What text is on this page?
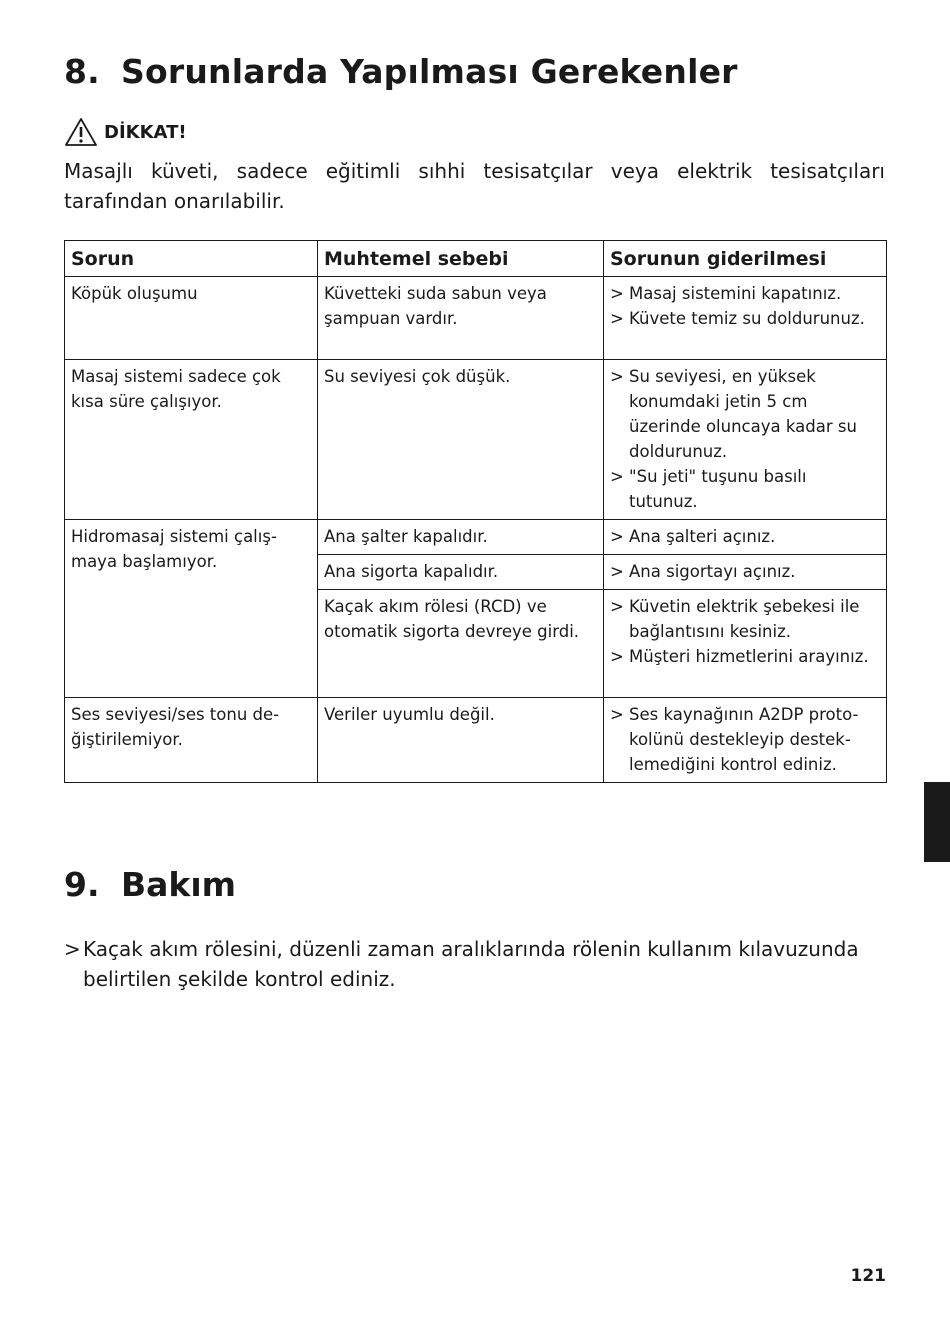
8. Sorunlarda Yapılması Gerekenler
DİKKAT!

Masajlı küveti, sadece eğitimli sıhhi tesisatçılar veya elektrik tesisatçıları tarafından onarılabilir.

Sorun	Muhtemel sebebi	Sorunun giderilmesi
Köpük oluşumu	Küvetteki suda sabun veya şampuan vardır.	> Masaj sistemini kapatınız.
> Küvete temiz su doldurunuz.

Masaj sistemi sadece çok kısa süre çalışıyor.	Su seviyesi çok düşük.	> Su seviyesi, en yüksek konumdaki jetin 5 cm üzerinde oluncaya kadar su doldurunuz.
> "Su jeti" tuşunu basılı tutunuz.

Hidromasaj sistemi çalış-maya başlamıyor.	Ana şalter kapalıdır.	> Ana şalteri açınız.

	Ana sigorta kapalıdır.	> Ana sigortayı açınız.

	Kaçak akım rölesi (RCD) ve otomatik sigorta devreye girdi.	> Küvetin elektrik şebekesi ile bağlantısını kesiniz.
> Müşteri hizmetlerini arayınız.

Ses seviyesi/ses tonu de-ğiştirilemiyor.	Veriler uyumlu değil.	> Ses kaynağının A2DP proto-kolünü destekleyip destek-lemediğini kontrol ediniz.
9. Bakım
> Kaçak akım rölesini, düzenli zaman aralıklarında rölenin kullanım kılavuzunda belirtilen şekilde kontrol ediniz.
121
